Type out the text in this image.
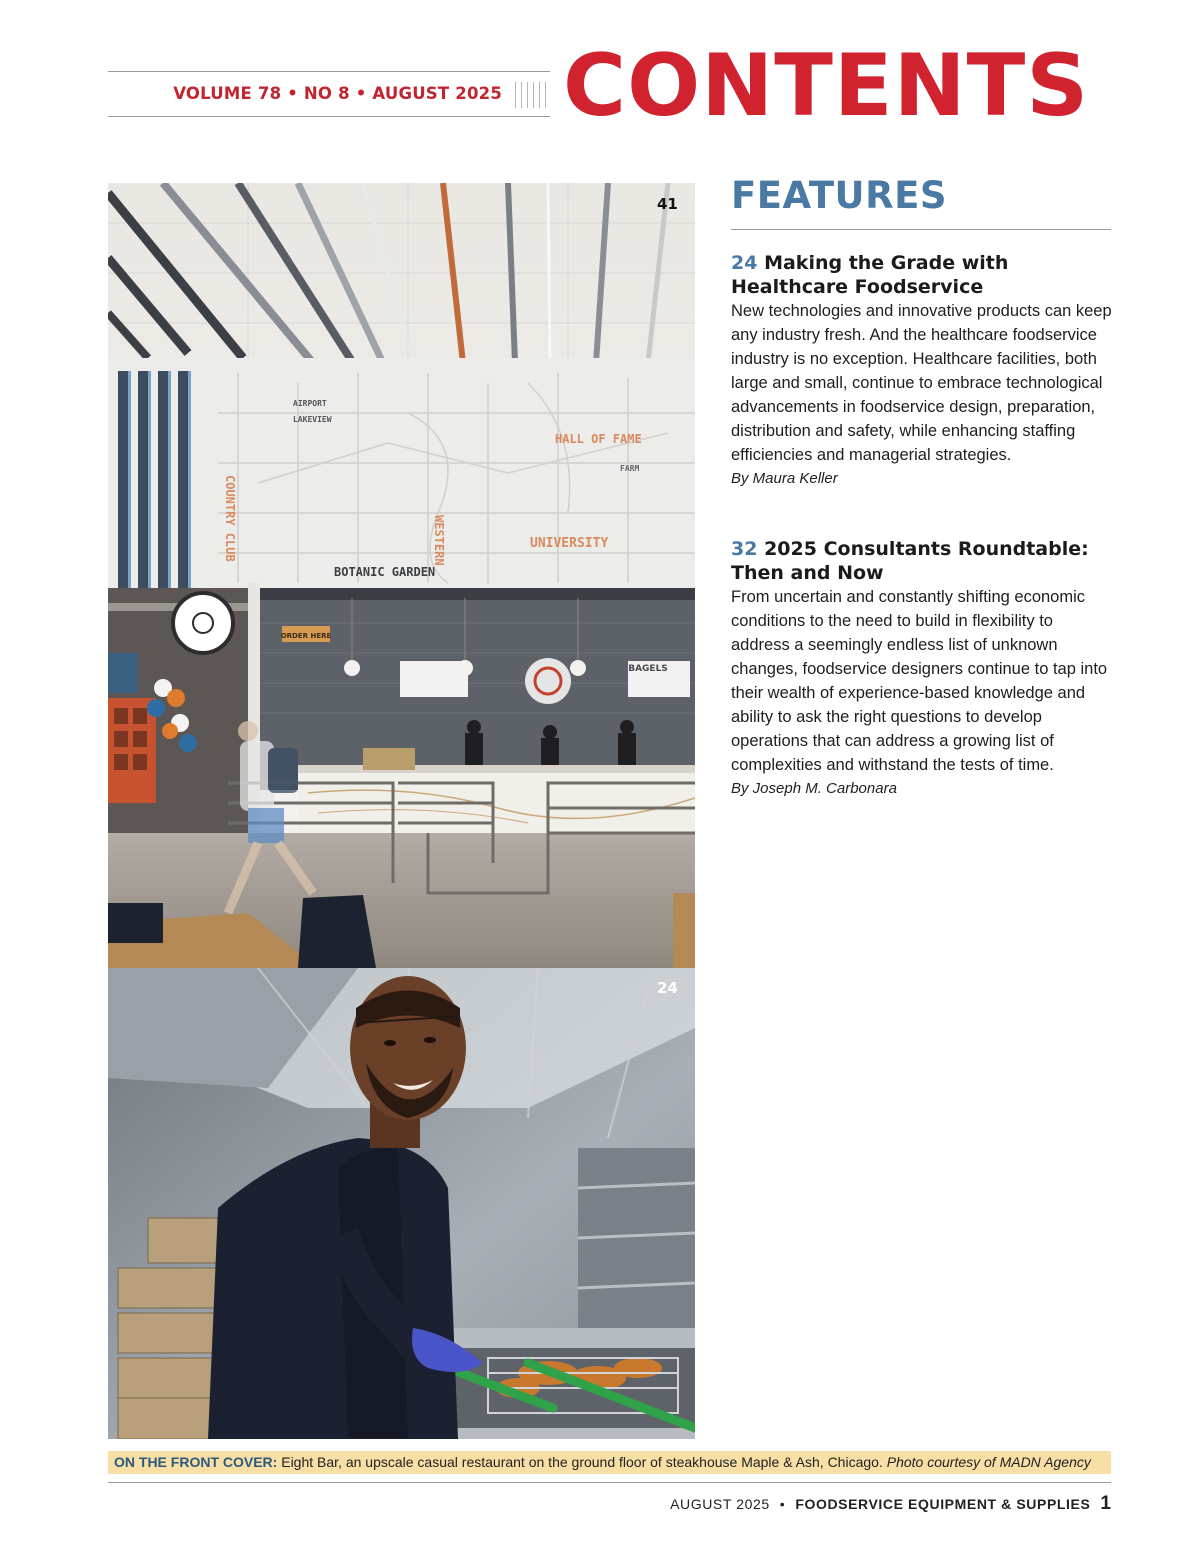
VOLUME 78 • NO 8 • AUGUST 2025 CONTENTS
AIRPORT
LAKEVIEW
HALL OF FAME
FARM
COUNTRY CLUB	WESTERN	UNIVERSITY
BOTANIC GARDEN
ORDER HERE
BAGELS
41
24
FEATURES

24 Making the Grade with Healthcare Foodservice

New technologies and innovative products can keep any industry fresh. And the healthcare foodservice industry is no exception. Healthcare facilities, both large and small, continue to embrace technological advancements in foodservice design, preparation, distribution and safety, while enhancing staffing efficiencies and managerial strategies.

By Maura Keller

32 2025 Consultants Roundtable: Then and Now

From uncertain and constantly shifting economic conditions to the need to build in flexibility to address a seemingly endless list of unknown changes, foodservice designers continue to tap into their wealth of experience-based knowledge and ability to ask the right questions to develop operations that can address a growing list of complexities and withstand the tests of time.

By Joseph M. Carbonara

ON THE FRONT COVER: Eight Bar, an upscale casual restaurant on the ground floor of steakhouse Maple & Ash, Chicago. Photo courtesy of MADN Agency
AUGUST 2025 • FOODSERVICE EQUIPMENT & SUPPLIES 1
